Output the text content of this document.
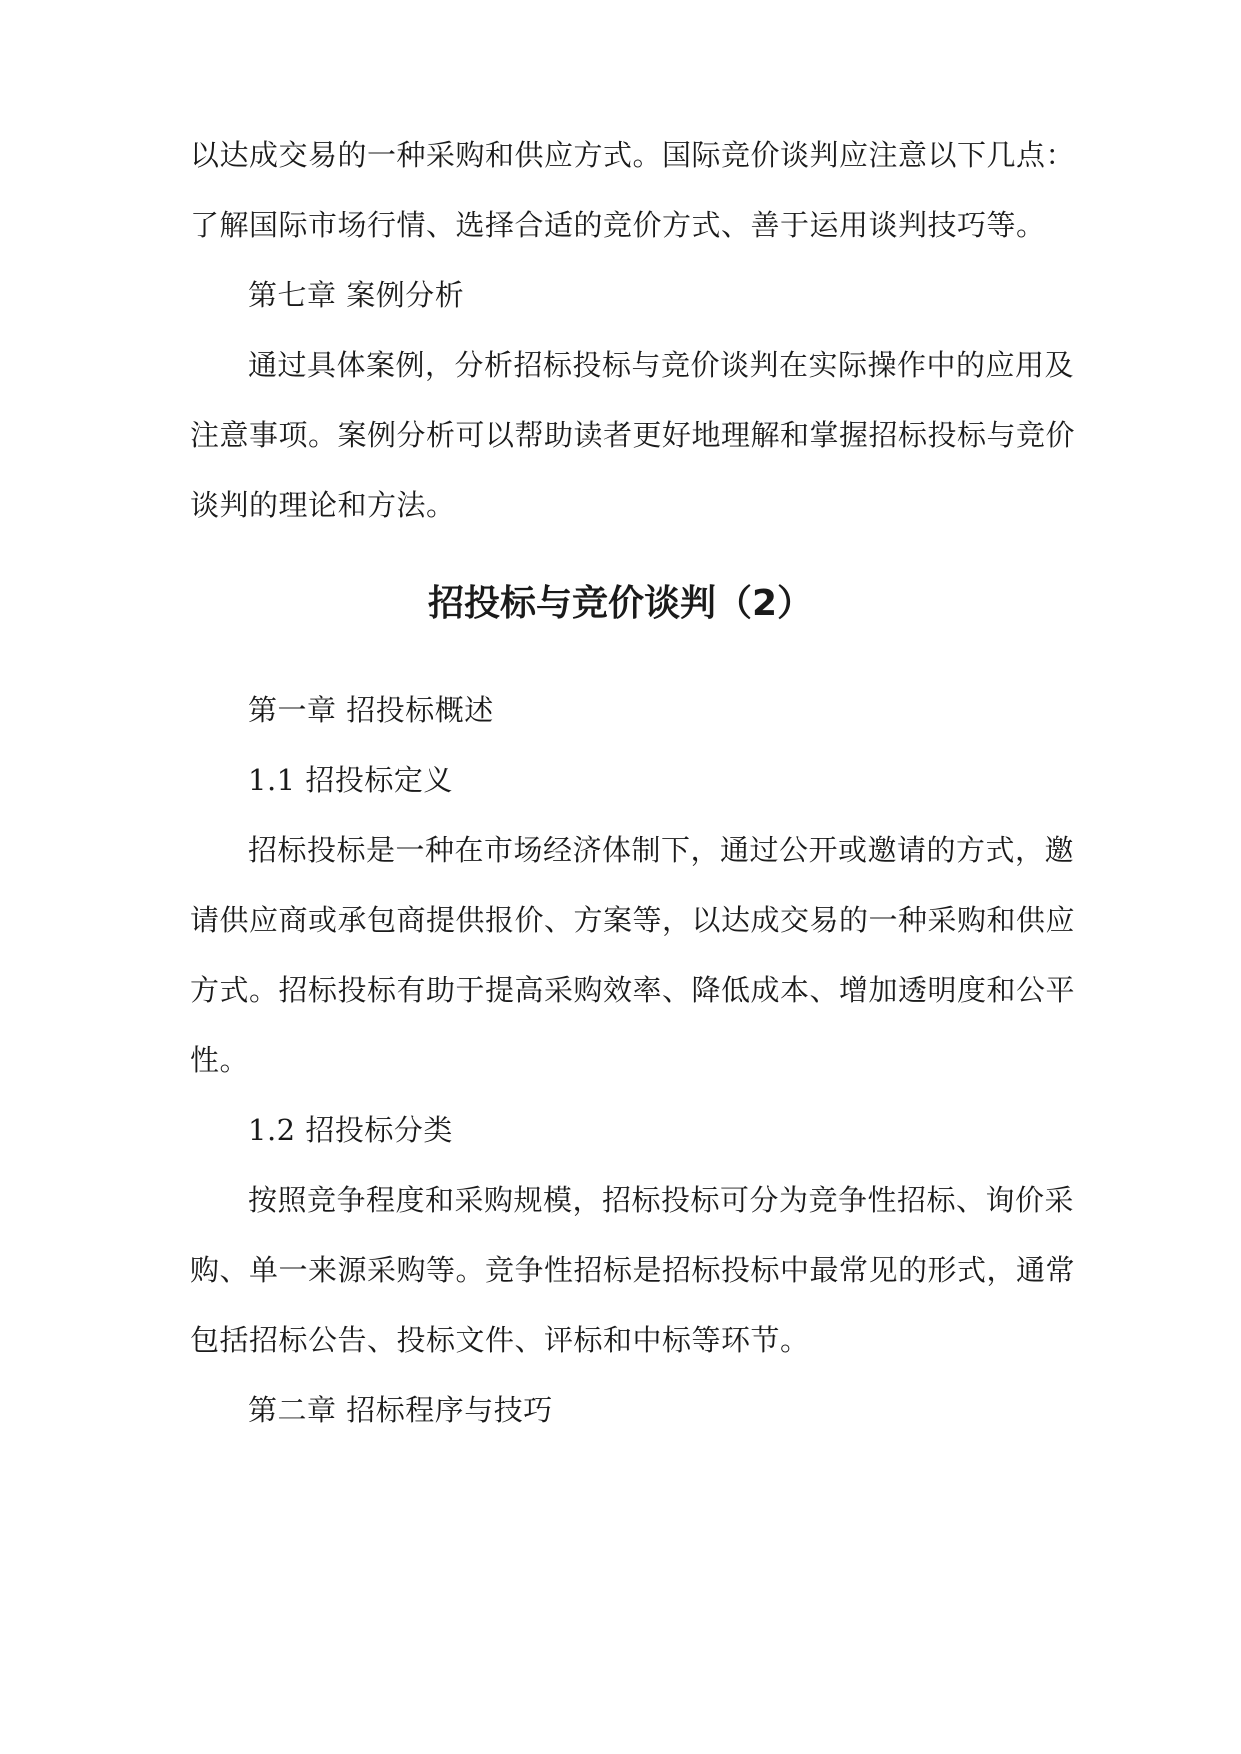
以达成交易的一种采购和供应方式。国际竞价谈判应注意以下几点：
了解国际市场行情、选择合适的竞价方式、善于运用谈判技巧等。
第七章 案例分析
通过具体案例，分析招标投标与竞价谈判在实际操作中的应用及
注意事项。案例分析可以帮助读者更好地理解和掌握招标投标与竞价
谈判的理论和方法。
招投标与竞价谈判（2）
第一章 招投标概述
1.1 招投标定义
招标投标是一种在市场经济体制下，通过公开或邀请的方式，邀
请供应商或承包商提供报价、方案等，以达成交易的一种采购和供应
方式。招标投标有助于提高采购效率、降低成本、增加透明度和公平
性。
1.2 招投标分类
按照竞争程度和采购规模，招标投标可分为竞争性招标、询价采
购、单一来源采购等。竞争性招标是招标投标中最常见的形式，通常
包括招标公告、投标文件、评标和中标等环节。
第二章 招标程序与技巧
